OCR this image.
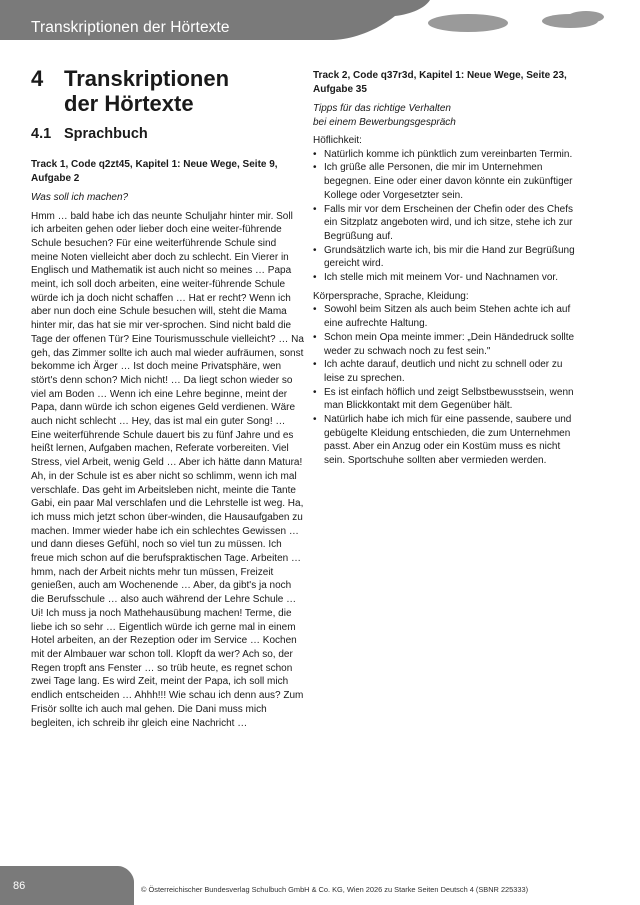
Transkriptionen der Hörtexte
4 Transkriptionen
der Hörtexte
4.1 Sprachbuch
Track 1, Code q2zt45, Kapitel 1: Neue Wege, Seite 9, Aufgabe 2
Was soll ich machen?

Hmm … bald habe ich das neunte Schuljahr hinter mir. Soll ich arbeiten gehen oder lieber doch eine weiter-führende Schule besuchen? Für eine weiterführende Schule sind meine Noten vielleicht aber doch zu schlecht. Ein Vierer in Englisch und Mathematik ist auch nicht so meines … Papa meint, ich soll doch arbeiten, eine weiter-führende Schule würde ich ja doch nicht schaffen … Hat er recht? Wenn ich aber nun doch eine Schule besuchen will, steht die Mama hinter mir, das hat sie mir ver-sprochen. Sind nicht bald die Tage der offenen Tür? Eine Tourismusschule vielleicht? … Na geh, das Zimmer sollte ich auch mal wieder aufräumen, sonst bekomme ich Ärger … Ist doch meine Privatsphäre, wen stört's denn schon? Mich nicht! … Da liegt schon wieder so viel am Boden … Wenn ich eine Lehre beginne, meint der Papa, dann würde ich schon eigenes Geld verdienen. Wäre auch nicht schlecht … Hey, das ist mal ein guter Song! … Eine weiterführende Schule dauert bis zu fünf Jahre und es heißt lernen, Aufgaben machen, Referate vorbereiten. Viel Stress, viel Arbeit, wenig Geld … Aber ich hätte dann Matura! Ah, in der Schule ist es aber nicht so schlimm, wenn ich mal verschlafe. Das geht im Arbeitsleben nicht, meinte die Tante Gabi, ein paar Mal verschlafen und die Lehrstelle ist weg. Ha, ich muss mich jetzt schon über-winden, die Hausaufgaben zu machen. Immer wieder habe ich ein schlechtes Gewissen … und dann dieses Gefühl, noch so viel tun zu müssen. Ich freue mich schon auf die berufspraktischen Tage. Arbeiten … hmm, nach der Arbeit nichts mehr tun müssen, Freizeit genießen, auch am Wochenende … Aber, da gibt's ja noch die Berufsschule … also auch während der Lehre Schule … Ui! Ich muss ja noch Mathehausübung machen! Terme, die liebe ich so sehr … Eigentlich würde ich gerne mal in einem Hotel arbeiten, an der Rezeption oder im Service … Kochen mit der Almbauer war schon toll. Klopft da wer? Ach so, der Regen tropft ans Fenster … so trüb heute, es regnet schon zwei Tage lang. Es wird Zeit, meint der Papa, ich soll mich endlich entscheiden … Ahhh!!! Wie schau ich denn aus? Zum Frisör sollte ich auch mal gehen. Die Dani muss mich begleiten, ich schreib ihr gleich eine Nachricht …

Track 2, Code q37r3d, Kapitel 1: Neue Wege, Seite 23, Aufgabe 35
Tipps für das richtige Verhalten
bei einem Bewerbungsgespräch
Höflichkeit:
• Natürlich komme ich pünktlich zum vereinbarten Termin.
• Ich grüße alle Personen, die mir im Unternehmen begegnen. Eine oder einer davon könnte ein zukünftiger Kollege oder Vorgesetzter sein.
• Falls mir vor dem Erscheinen der Chefin oder des Chefs ein Sitzplatz angeboten wird, und ich sitze, stehe ich zur Begrüßung auf.
• Grundsätzlich warte ich, bis mir die Hand zur Begrüßung gereicht wird.
• Ich stelle mich mit meinem Vor- und Nachnamen vor.
Körpersprache, Sprache, Kleidung:
• Sowohl beim Sitzen als auch beim Stehen achte ich auf eine aufrechte Haltung.
• Schon mein Opa meinte immer: „Dein Händedruck sollte weder zu schwach noch zu fest sein."
• Ich achte darauf, deutlich und nicht zu schnell oder zu leise zu sprechen.
• Es ist einfach höflich und zeigt Selbstbewusstsein, wenn man Blickkontakt mit dem Gegenüber hält.
• Natürlich habe ich mich für eine passende, saubere und gebügelte Kleidung entschieden, die zum Unternehmen passt. Aber ein Anzug oder ein Kostüm muss es nicht sein. Sportschuhe sollten aber vermieden werden.
86	© Österreichischer Bundesverlag Schulbuch GmbH & Co. KG, Wien 2026 zu Starke Seiten Deutsch 4 (SBNR 225333)
